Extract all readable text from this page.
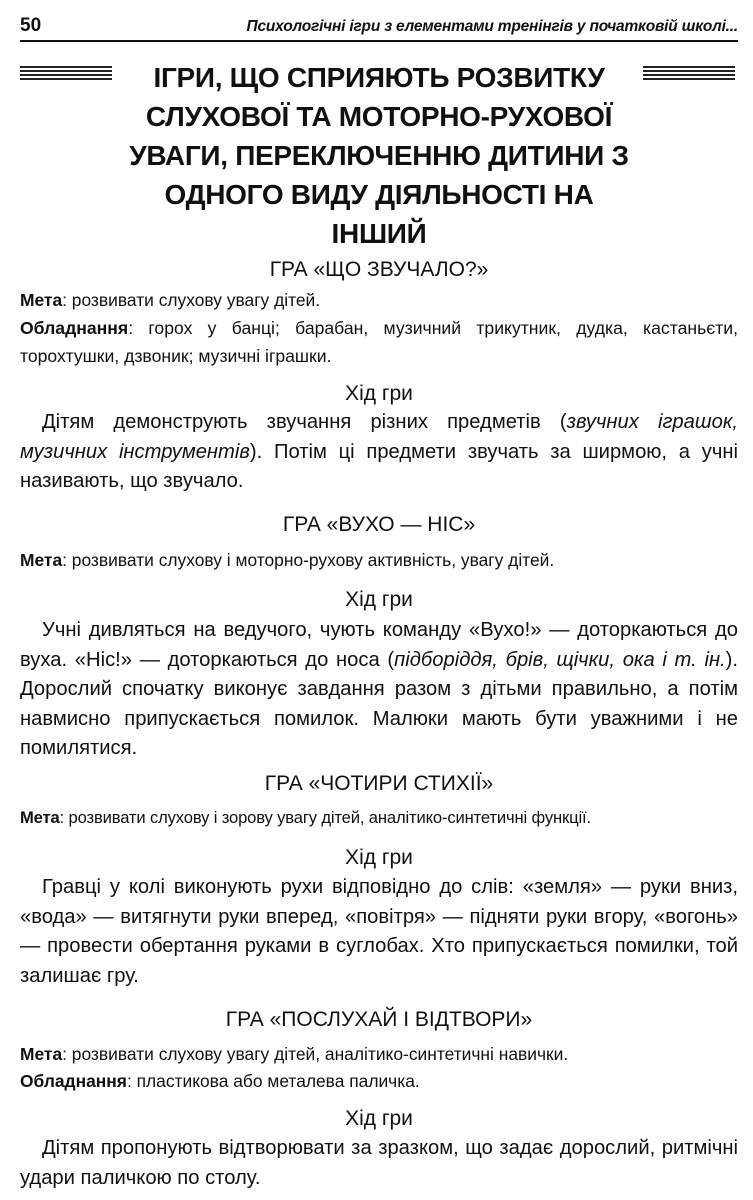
50	Психологічні ігри з елементами тренінгів у початковій школі...
ІГРИ, ЩО СПРИЯЮТЬ РОЗВИТКУ СЛУХОВОЇ ТА МОТОРНО-РУХОВОЇ УВАГИ, ПЕРЕКЛЮЧЕННЮ ДИТИНИ З ОДНОГО ВИДУ ДІЯЛЬНОСТІ НА ІНШИЙ
ГРА «ЩО ЗВУЧАЛО?»
Мета: розвивати слухову увагу дітей.
Обладнання: горох у банці; барабан, музичний трикутник, дудка, кастаньєти, торохтушки, дзвоник; музичні іграшки.
Хід гри
Дітям демонструють звучання різних предметів (звучних іграшок, музичних інструментів). Потім ці предмети звучать за ширмою, а учні називають, що звучало.
ГРА «ВУХО — НІС»
Мета: розвивати слухову і моторно-рухову активність, увагу дітей.
Хід гри
Учні дивляться на ведучого, чують команду «Вухо!» — доторкаються до вуха. «Ніс!» — доторкаються до носа (підборіддя, брів, щічки, ока і т. ін.). Дорослий спочатку виконує завдання разом з дітьми правильно, а потім навмисно припускається помилок. Малюки мають бути уважними і не помилятися.
ГРА «ЧОТИРИ СТИХІЇ»
Мета: розвивати слухову і зорову увагу дітей, аналітико-синтетичні функції.
Хід гри
Гравці у колі виконують рухи відповідно до слів: «земля» — руки вниз, «вода» — витягнути руки вперед, «повітря» — підняти руки вгору, «вогонь» — провести обертання руками в суглобах. Хто припускається помилки, той залишає гру.
ГРА «ПОСЛУХАЙ І ВІДТВОРИ»
Мета: розвивати слухову увагу дітей, аналітико-синтетичні навички.
Обладнання: пластикова або металева паличка.
Хід гри
Дітям пропонують відтворювати за зразком, що задає дорослий, ритмічні удари паличкою по столу.
